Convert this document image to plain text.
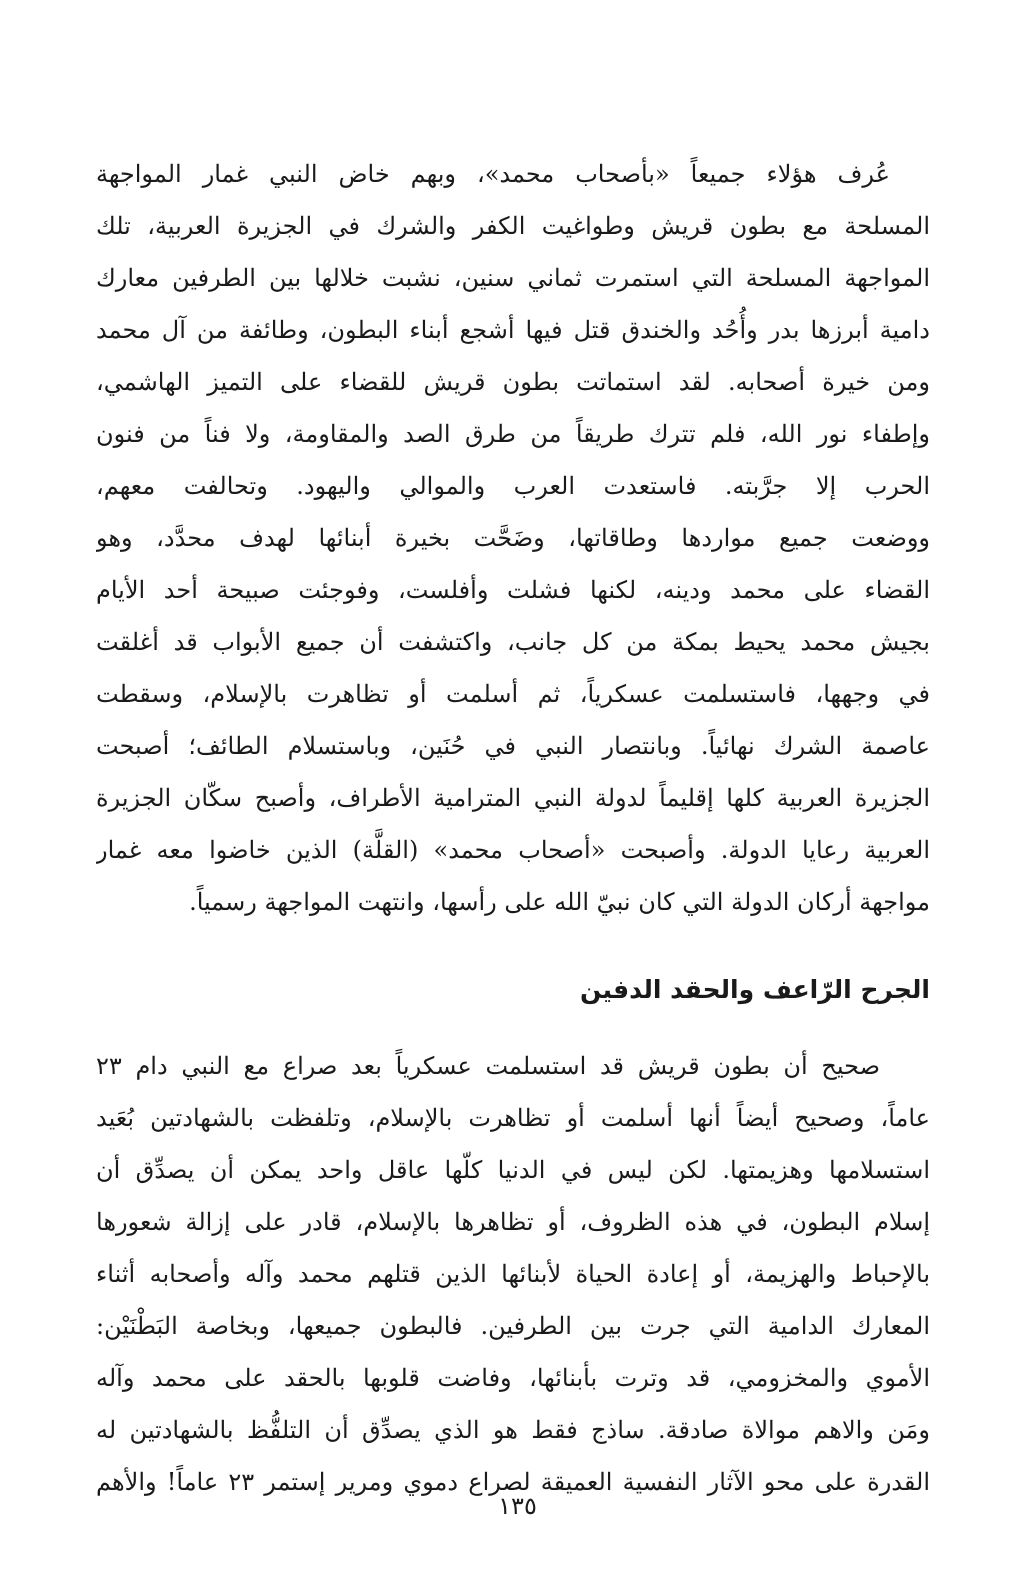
عُرف هؤلاء جميعاً «بأصحاب محمد»، وبهم خاض النبي غمار المواجهة
المسلحة مع بطون قريش وطواغيت الكفر والشرك في الجزيرة العربية، تلك
المواجهة المسلحة التي استمرت ثماني سنين، نشبت خلالها بين الطرفين معارك
دامية أبرزها بدر وأُحُد والخندق قتل فيها أشجع أبناء البطون، وطائفة من آل محمد
ومن خيرة أصحابه. لقد استماتت بطون قريش للقضاء على التميز الهاشمي،
وإطفاء نور الله، فلم تترك طريقاً من طرق الصد والمقاومة، ولا فناً من فنون
الحرب إلا جرَّبته. فاستعدت العرب والموالي واليهود. وتحالفت معهم،
ووضعت جميع مواردها وطاقاتها، وضَحَّت بخيرة أبنائها لهدف محدَّد، وهو
القضاء على محمد ودينه، لكنها فشلت وأفلست، وفوجئت صبيحة أحد الأيام
بجيش محمد يحيط بمكة من كل جانب، واكتشفت أن جميع الأبواب قد أغلقت
في وجهها، فاستسلمت عسكرياً، ثم أسلمت أو تظاهرت بالإسلام، وسقطت
عاصمة الشرك نهائياً. وبانتصار النبي في حُنَين، وباستسلام الطائف؛ أصبحت
الجزيرة العربية كلها إقليماً لدولة النبي المترامية الأطراف، وأصبح سكّان الجزيرة
العربية رعايا الدولة. وأصبحت «أصحاب محمد» (القلَّة) الذين خاضوا معه غمار
مواجهة أركان الدولة التي كان نبيّ الله على رأسها، وانتهت المواجهة رسمياً.
الجرح الرّاعف والحقد الدفين
صحيح أن بطون قريش قد استسلمت عسكرياً بعد صراع مع النبي دام ٢٣
عاماً، وصحيح أيضاً أنها أسلمت أو تظاهرت بالإسلام، وتلفظت بالشهادتين بُعَيد
استسلامها وهزيمتها. لكن ليس في الدنيا كلّها عاقل واحد يمكن أن يصدِّق أن
إسلام البطون، في هذه الظروف، أو تظاهرها بالإسلام، قادر على إزالة شعورها
بالإحباط والهزيمة، أو إعادة الحياة لأبنائها الذين قتلهم محمد وآله وأصحابه أثناء
المعارك الدامية التي جرت بين الطرفين. فالبطون جميعها، وبخاصة البَطْنَيْن:
الأموي والمخزومي، قد وترت بأبنائها، وفاضت قلوبها بالحقد على محمد وآله
ومَن والاهم موالاة صادقة. ساذج فقط هو الذي يصدِّق أن التلفُّظ بالشهادتين له
القدرة على محو الآثار النفسية العميقة لصراع دموي ومرير إستمر ٢٣ عاماً! والأهم
١٣٥
